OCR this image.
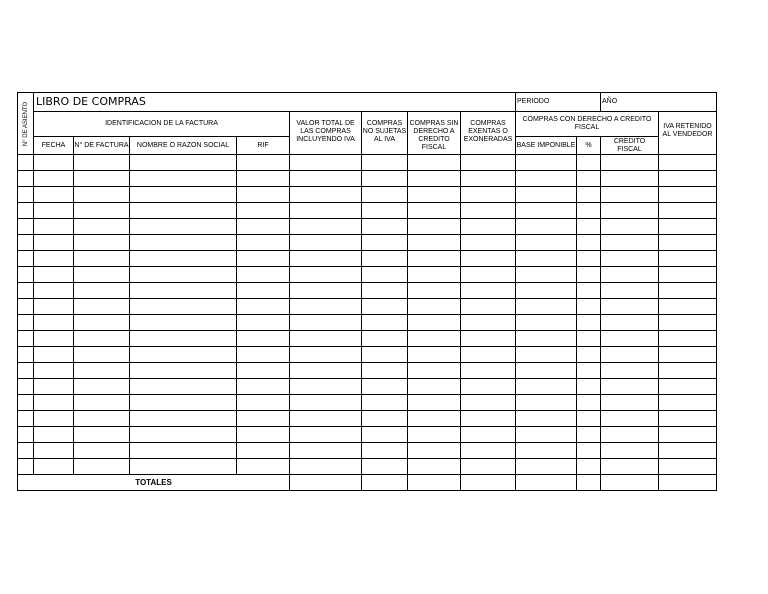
N° DE ASIENTO	LIBRO DE COMPRAS								PERIODO		AÑO	
	IDENTIFICACION DE LA FACTURA				VALOR TOTAL DE LAS COMPRAS INCLUYENDO IVA	COMPRAS NO SUJETAS AL IVA	COMPRAS SIN DERECHO A CREDITO FISCAL	COMPRAS EXENTAS O EXONERADAS	COMPRAS CON DERECHO A CREDITO FISCAL			IVA RETENIDO AL VENDEDOR
	FECHA	N° DE FACTURA	NOMBRE O RAZON SOCIAL	RIF					BASE IMPONIBLE	%	CREDITO FISCAL	

TOTALES												
